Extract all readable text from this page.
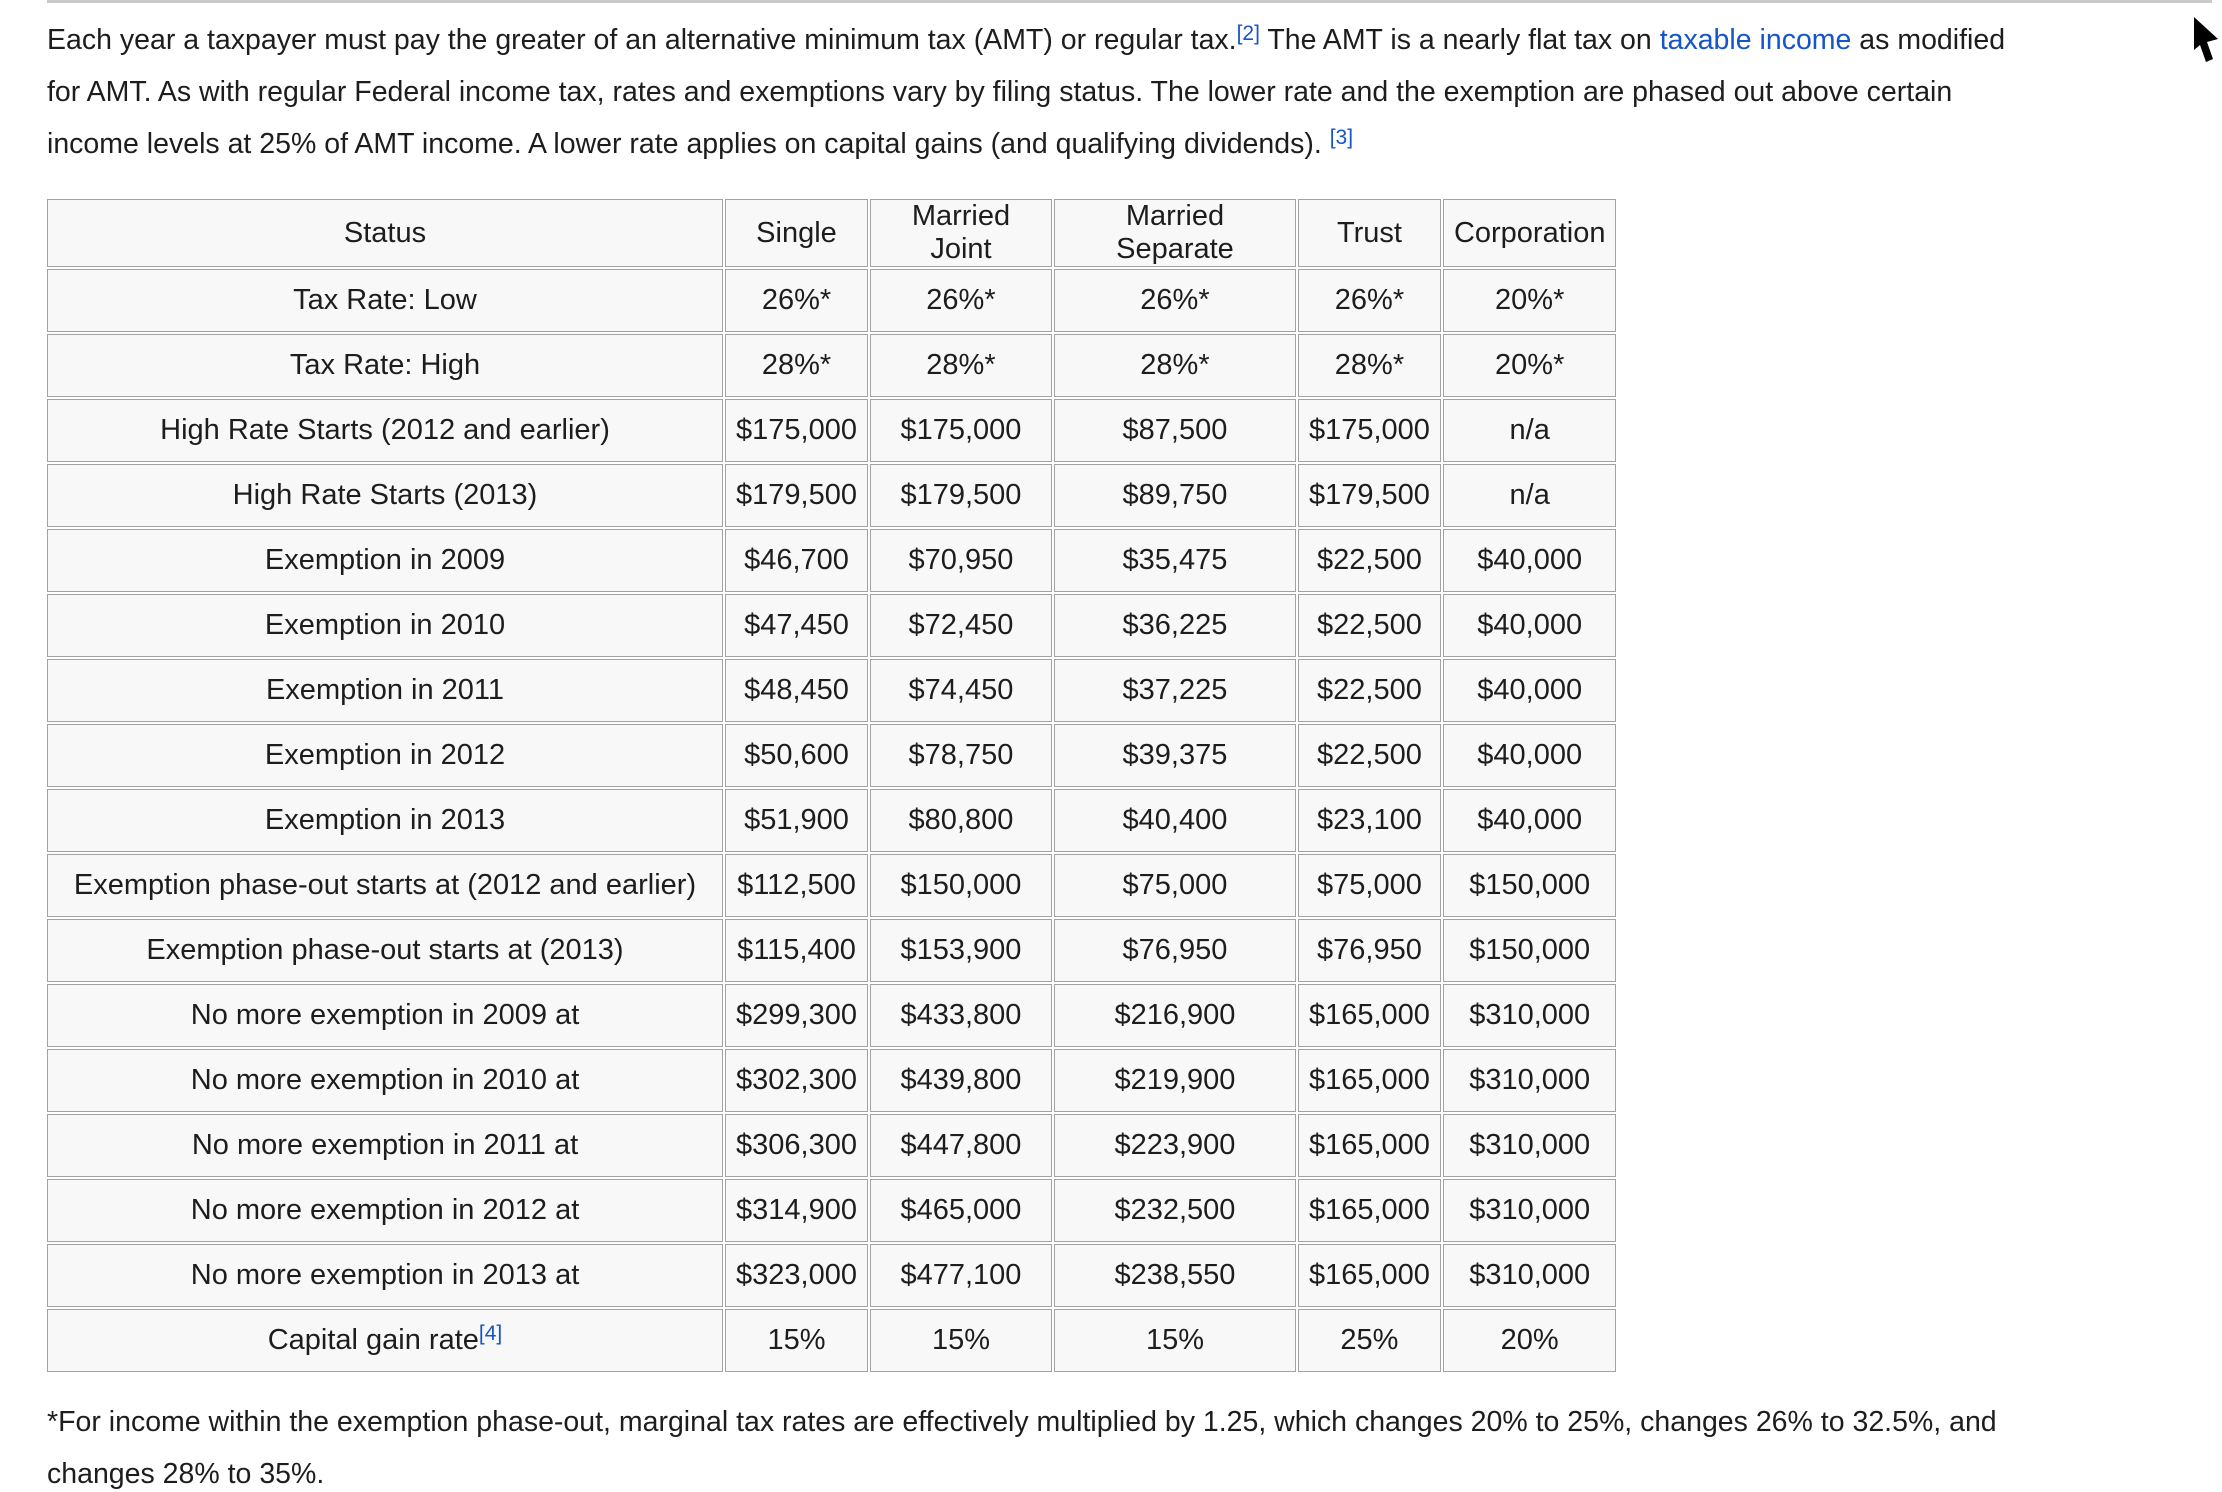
Each year a taxpayer must pay the greater of an alternative minimum tax (AMT) or regular tax.[2] The AMT is a nearly flat tax on taxable income as modified
for AMT. As with regular Federal income tax, rates and exemptions vary by filing status. The lower rate and the exemption are phased out above certain
income levels at 25% of AMT income. A lower rate applies on capital gains (and qualifying dividends). [3]
Status	Single	Married Joint	Married Separate	Trust	Corporation
Tax Rate: Low	26%*	26%*	26%*	26%*	20%*
Tax Rate: High	28%*	28%*	28%*	28%*	20%*
High Rate Starts (2012 and earlier)	$175,000	$175,000	$87,500	$175,000	n/a
High Rate Starts (2013)	$179,500	$179,500	$89,750	$179,500	n/a
Exemption in 2009	$46,700	$70,950	$35,475	$22,500	$40,000
Exemption in 2010	$47,450	$72,450	$36,225	$22,500	$40,000
Exemption in 2011	$48,450	$74,450	$37,225	$22,500	$40,000
Exemption in 2012	$50,600	$78,750	$39,375	$22,500	$40,000
Exemption in 2013	$51,900	$80,800	$40,400	$23,100	$40,000
Exemption phase-out starts at (2012 and earlier)	$112,500	$150,000	$75,000	$75,000	$150,000
Exemption phase-out starts at (2013)	$115,400	$153,900	$76,950	$76,950	$150,000
No more exemption in 2009 at	$299,300	$433,800	$216,900	$165,000	$310,000
No more exemption in 2010 at	$302,300	$439,800	$219,900	$165,000	$310,000
No more exemption in 2011 at	$306,300	$447,800	$223,900	$165,000	$310,000
No more exemption in 2012 at	$314,900	$465,000	$232,500	$165,000	$310,000
No more exemption in 2013 at	$323,000	$477,100	$238,550	$165,000	$310,000
Capital gain rate[4]	15%	15%	15%	25%	20%
*For income within the exemption phase-out, marginal tax rates are effectively multiplied by 1.25, which changes 20% to 25%, changes 26% to 32.5%, and
changes 28% to 35%.
